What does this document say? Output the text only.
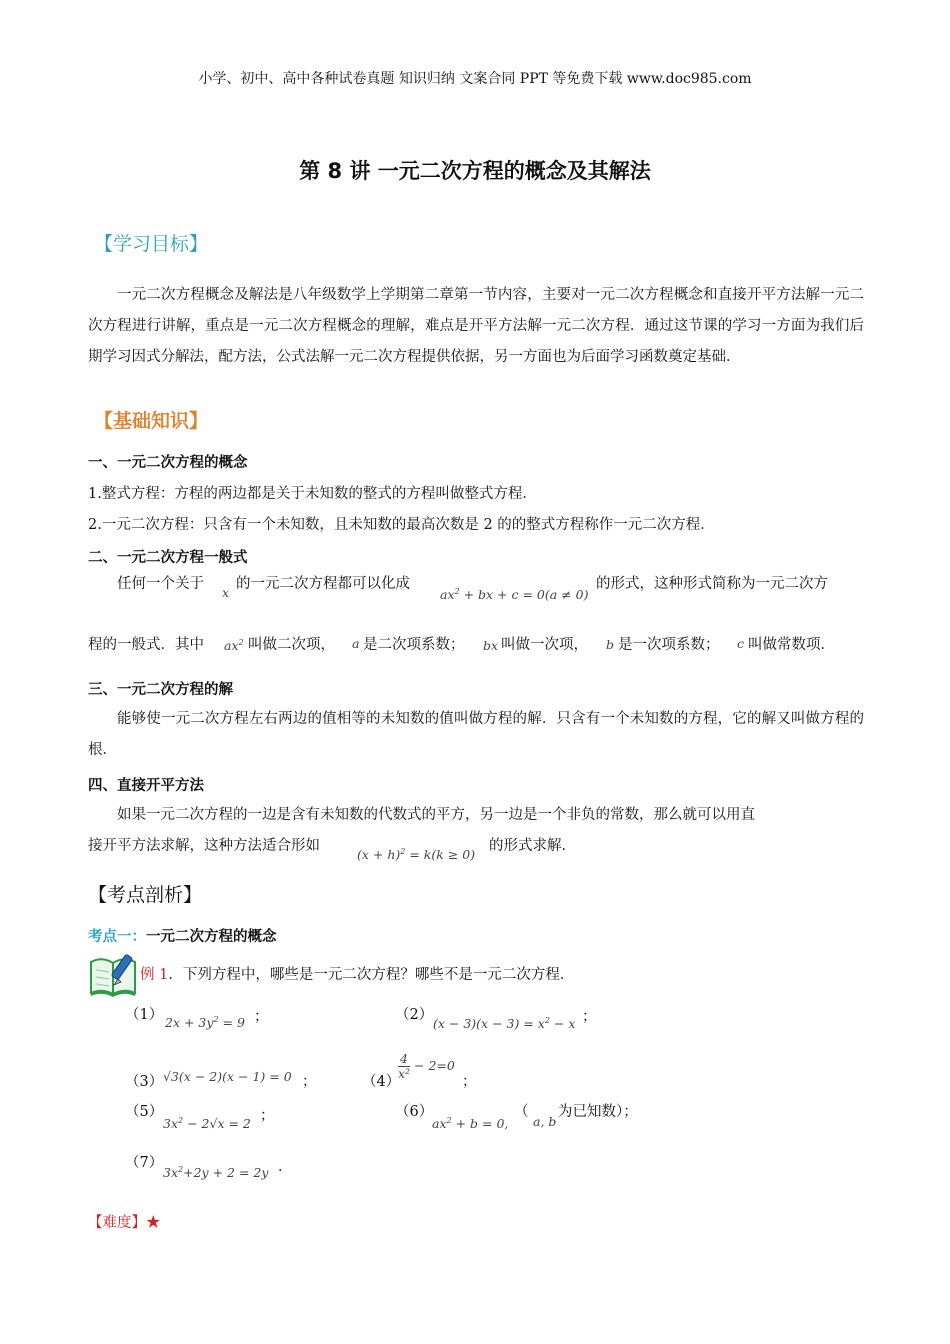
小学、初中、高中各种试卷真题 知识归纳 文案合同 PPT 等免费下载 www.doc985.com
第 8 讲 一元二次方程的概念及其解法
【学习目标】
一元二次方程概念及解法是八年级数学上学期第二章第一节内容，主要对一元二次方程概念和直接开平方法解一元二次方程进行讲解，重点是一元二次方程概念的理解，难点是开平方法解一元二次方程．通过这节课的学习一方面为我们后期学习因式分解法，配方法，公式法解一元二次方程提供依据，另一方面也为后面学习函数奠定基础．
【基础知识】
一、一元二次方程的概念
1.整式方程：方程的两边都是关于未知数的整式的方程叫做整式方程．
2.一元二次方程：只含有一个未知数，且未知数的最高次数是 2 的的整式方程称作一元二次方程．
二、一元二次方程一般式
任何一个关于
x
的一元二次方程都可以化成
$ax^2$ + bx + c = 0(a ≠ 0)
的形式，这种形式简称为一元二次方
程的一般式．其中 $ax^2$ 叫做二次项， a 是二次项系数； bx 叫做一次项， b 是一次项系数； c 叫做常数项．
三、一元二次方程的解
能够使一元二次方程左右两边的值相等的未知数的值叫做方程的解．只含有一个未知数的方程，它的解又叫做方程的根．
四、直接开平方法
如果一元二次方程的一边是含有未知数的代数式的平方，另一边是一个非负的常数，那么就可以用直
接开平方法求解，这种方法适合形如
$(x + h)^2 = k(k \ge 0)$
的形式求解．
【考点剖析】
考点一：一元二次方程的概念
例 1．下列方程中，哪些是一元二次方程？哪些不是一元二次方程．
（1） $2x + 3y^2 = 9$ ；	（2）
$(x - 3)(x - 3) = x^2 - x$ ；
（3） √3(x − 2)(x − 1) = 0 ；	（4）
$\frac{4}{\text{x²}} - 2=0$
；
（5）
$3x^2 - 2√x = 2$ ；	（6）
$ax^2 + b = 0$,
（
a, b
为已知数）；
（7）
$3x^2+2y + 2 = 2y$ ．
【难度】★
